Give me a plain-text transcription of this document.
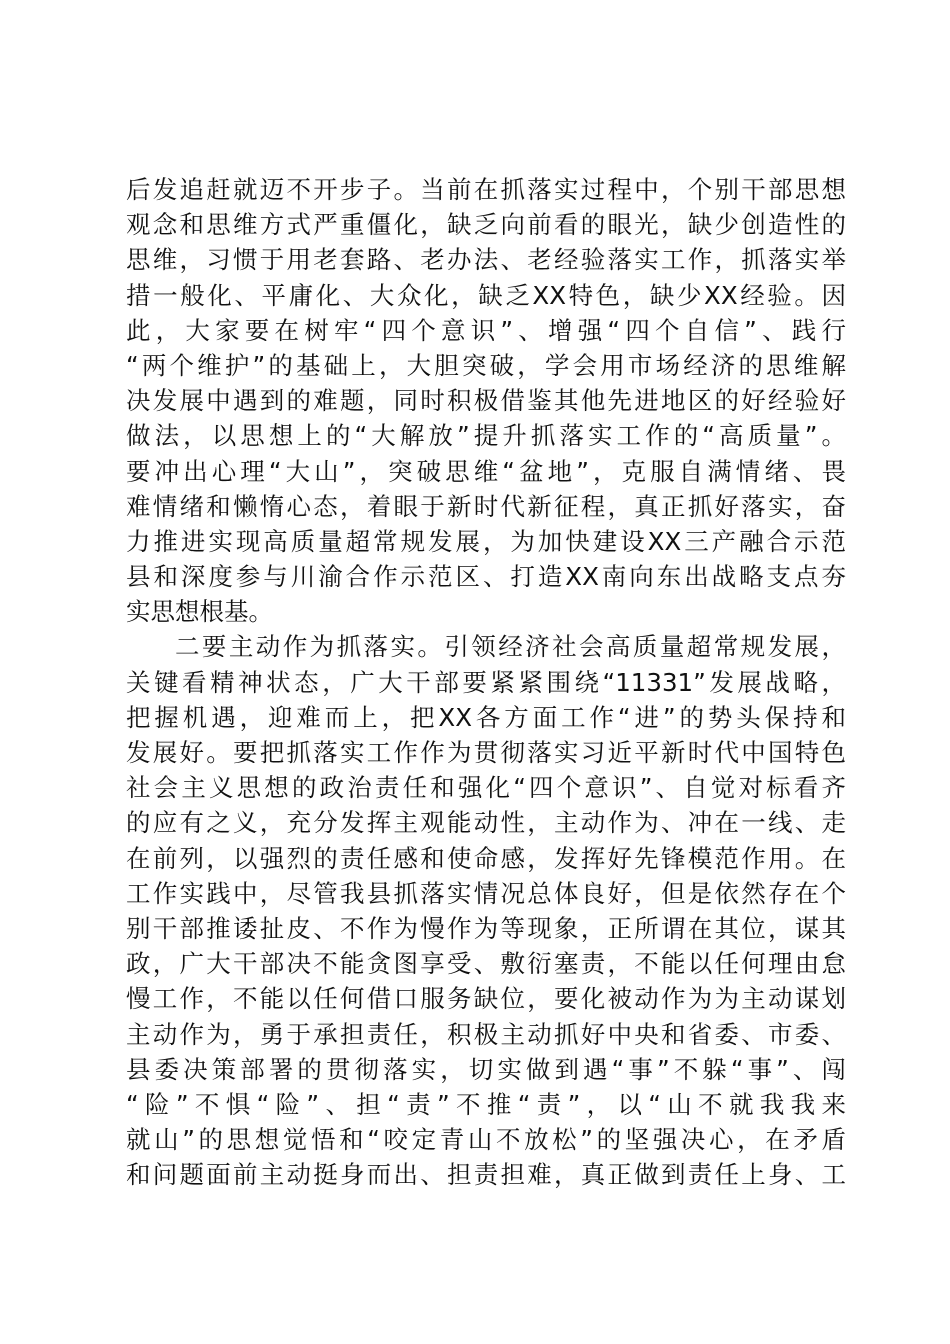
后发追赶就迈不开步子。当前在抓落实过程中，个别干部思想
观念和思维方式严重僵化，缺乏向前看的眼光，缺少创造性的
思维，习惯于用老套路、老办法、老经验落实工作，抓落实举
措一般化、平庸化、大众化，缺乏XX特色，缺少XX经验。因
此，大家要在树牢“四个意识”、增强“四个自信”、践行
“两个维护”的基础上，大胆突破，学会用市场经济的思维解
决发展中遇到的难题，同时积极借鉴其他先进地区的好经验好
做法，以思想上的“大解放”提升抓落实工作的“高质量”。
要冲出心理“大山”，突破思维“盆地”，克服自满情绪、畏
难情绪和懒惰心态，着眼于新时代新征程，真正抓好落实，奋
力推进实现高质量超常规发展，为加快建设XX三产融合示范
县和深度参与川渝合作示范区、打造XX南向东出战略支点夯
实思想根基。
二要主动作为抓落实。引领经济社会高质量超常规发展，
关键看精神状态，广大干部要紧紧围绕“11331”发展战略，
把握机遇，迎难而上，把XX各方面工作“进”的势头保持和
发展好。要把抓落实工作作为贯彻落实习近平新时代中国特色
社会主义思想的政治责任和强化“四个意识”、自觉对标看齐
的应有之义，充分发挥主观能动性，主动作为、冲在一线、走
在前列，以强烈的责任感和使命感，发挥好先锋模范作用。在
工作实践中，尽管我县抓落实情况总体良好，但是依然存在个
别干部推诿扯皮、不作为慢作为等现象，正所谓在其位，谋其
政，广大干部决不能贪图享受、敷衍塞责，不能以任何理由怠
慢工作，不能以任何借口服务缺位，要化被动作为为主动谋划
主动作为，勇于承担责任，积极主动抓好中央和省委、市委、
县委决策部署的贯彻落实，切实做到遇“事”不躲“事”、闯
“险”不惧“险”、担“责”不推“责”，以“山不就我我来
就山”的思想觉悟和“咬定青山不放松”的坚强决心，在矛盾
和问题面前主动挺身而出、担责担难，真正做到责任上身、工
